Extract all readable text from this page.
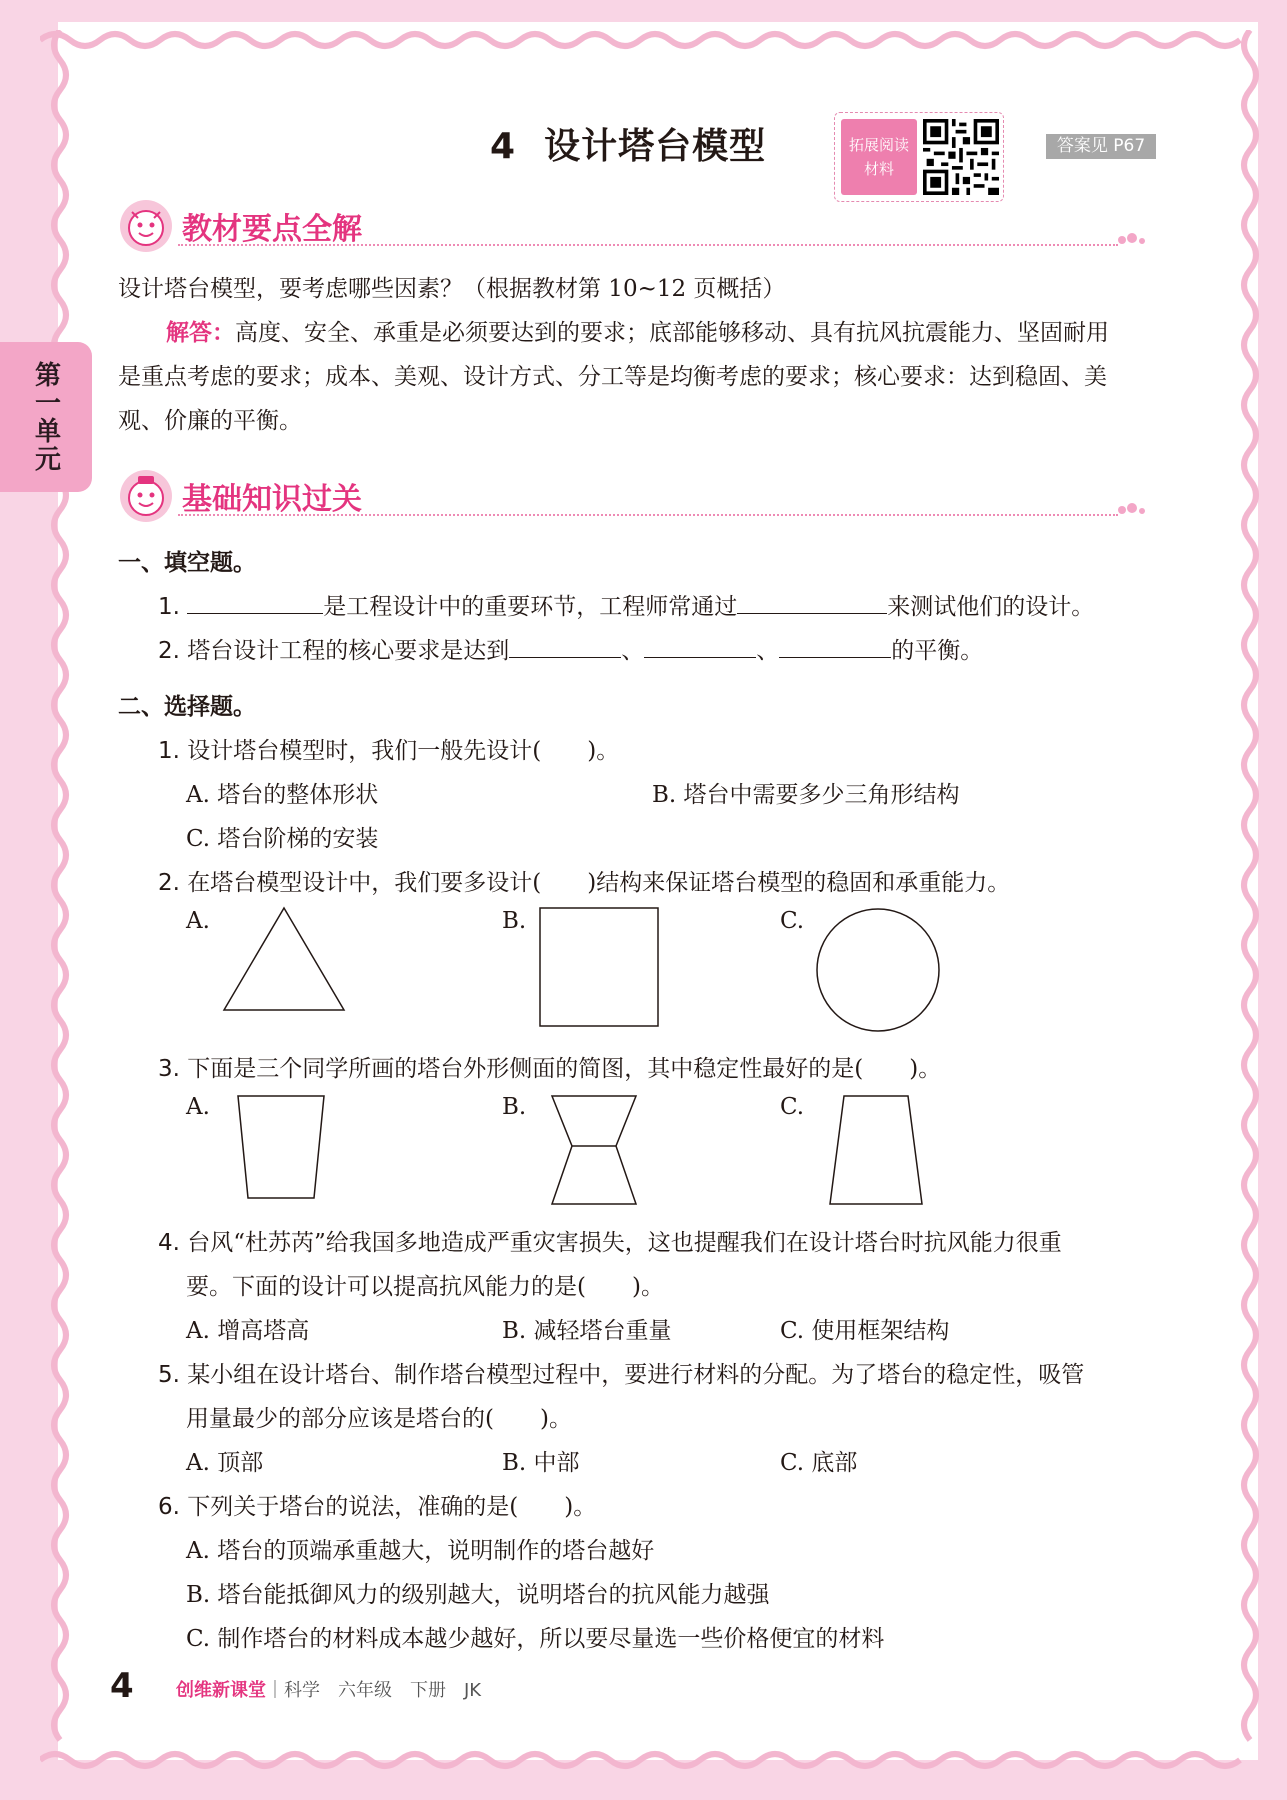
第一单元
4 设计塔台模型	拓展阅读材料
答案见 P67
教材要点全解
设计塔台模型，要考虑哪些因素？（根据教材第 10~12 页概括）
解答：高度、安全、承重是必须要达到的要求；底部能够移动、具有抗风抗震能力、坚固耐用
是重点考虑的要求；成本、美观、设计方式、分工等是均衡考虑的要求；核心要求：达到稳固、美
观、价廉的平衡。
基础知识过关
一、填空题。
1.	是工程设计中的重要环节，工程师常通过	来测试他们的设计。
2. 塔台设计工程的核心要求是达到	、	、	的平衡。
二、选择题。
1. 设计塔台模型时，我们一般先设计(　　)。
A. 塔台的整体形状	B. 塔台中需要多少三角形结构
C. 塔台阶梯的安装
2. 在塔台模型设计中，我们要多设计(　　)结构来保证塔台模型的稳固和承重能力。
A.	B.	C.
3. 下面是三个同学所画的塔台外形侧面的简图，其中稳定性最好的是(　　)。
A.	B.	C.
4. 台风“杜苏芮”给我国多地造成严重灾害损失，这也提醒我们在设计塔台时抗风能力很重
要。下面的设计可以提高抗风能力的是(　　)。
A. 增高塔高	B. 减轻塔台重量	C. 使用框架结构
5. 某小组在设计塔台、制作塔台模型过程中，要进行材料的分配。为了塔台的稳定性，吸管
用量最少的部分应该是塔台的(　　)。
A. 顶部	B. 中部	C. 底部
6. 下列关于塔台的说法，准确的是(　　)。
A. 塔台的顶端承重越大，说明制作的塔台越好
B. 塔台能抵御风力的级别越大，说明塔台的抗风能力越强
C. 制作塔台的材料成本越少越好，所以要尽量选一些价格便宜的材料
4 创维新课堂｜科学　六年级　下册　JK
